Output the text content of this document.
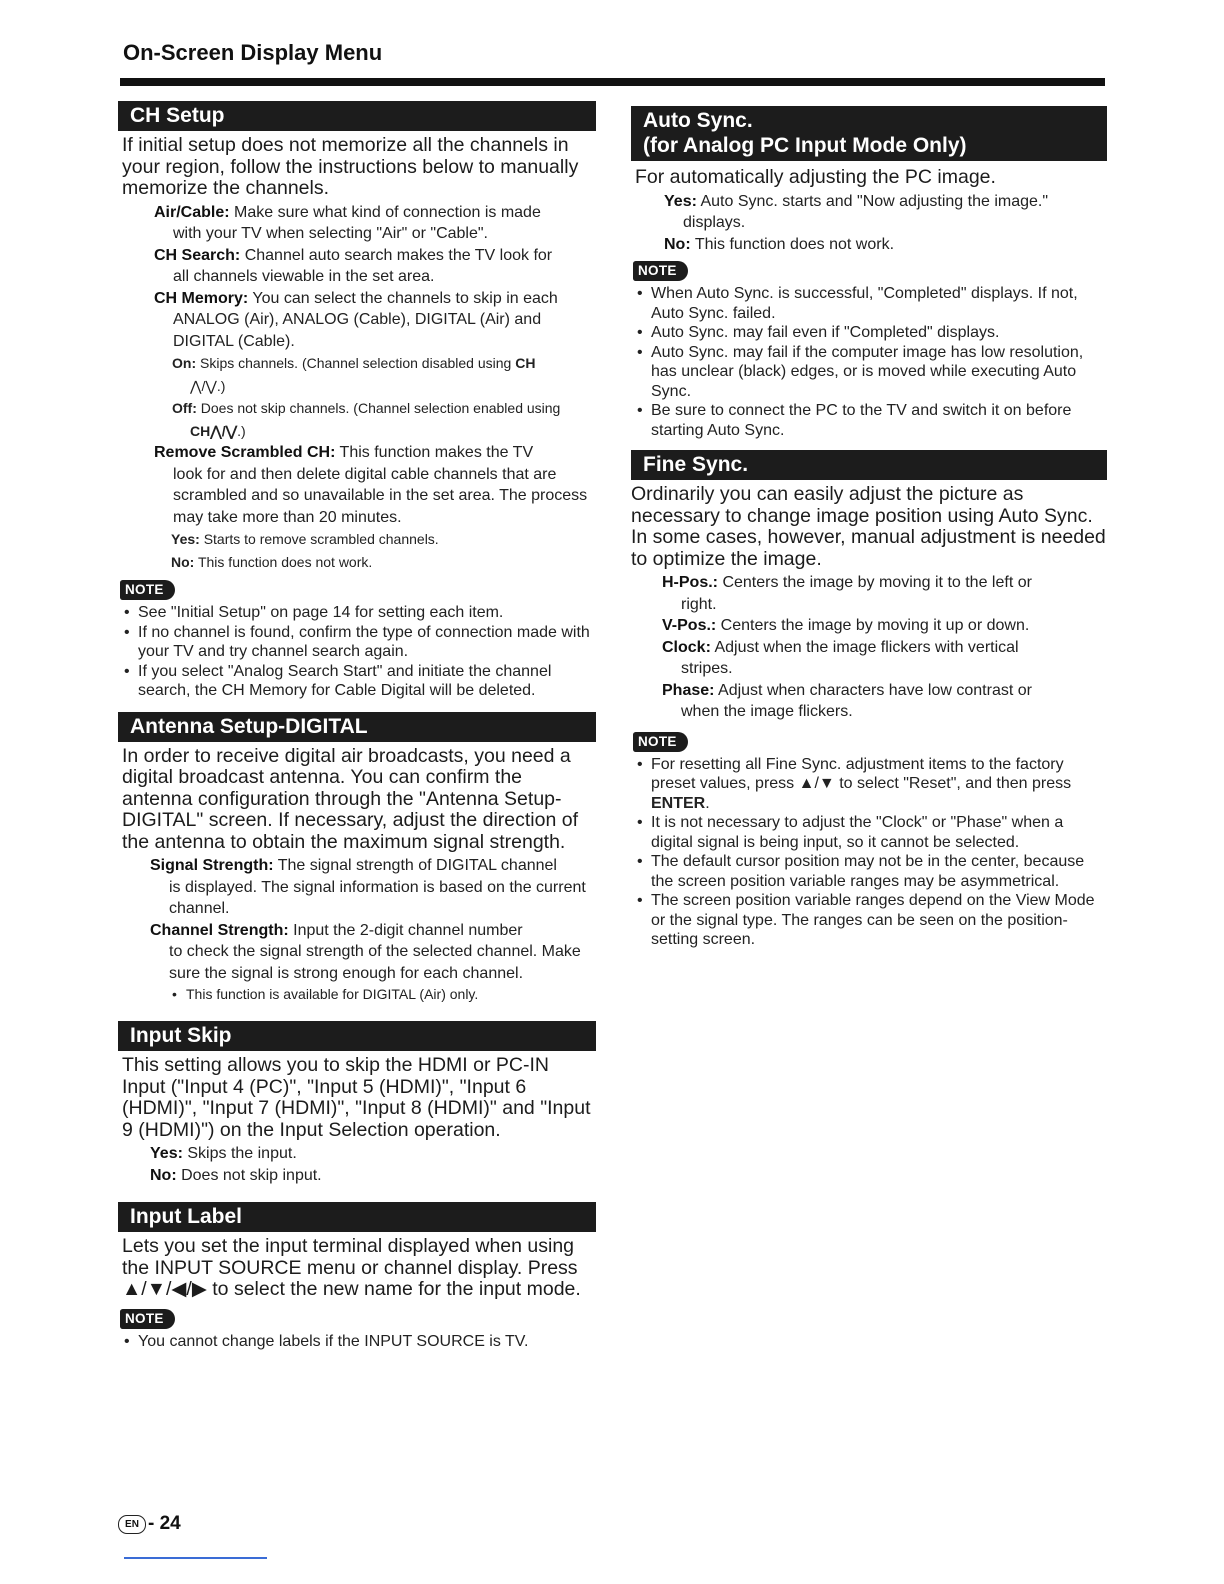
On-Screen Display Menu
CH Setup
If initial setup does not memorize all the channels in your region, follow the instructions below to manually memorize the channels.
Air/Cable: Make sure what kind of connection is made
with your TV when selecting "Air" or "Cable".
CH Search: Channel auto search makes the TV look for
all channels viewable in the set area.
CH Memory: You can select the channels to skip in each
ANALOG (Air), ANALOG (Cable), DIGITAL (Air) and DIGITAL (Cable).
On: Skips channels. (Channel selection disabled using CH
⋀/⋁.)
Off: Does not skip channels. (Channel selection enabled using
CH⋀/⋁.)
Remove Scrambled CH: This function makes the TV
look for and then delete digital cable channels that are scrambled and so unavailable in the set area. The process may take more than 20 minutes.
Yes: Starts to remove scrambled channels.
No: This function does not work.
NOTE
• See "Initial Setup" on page 14 for setting each item.
• If no channel is found, confirm the type of connection made with your TV and try channel search again.
• If you select "Analog Search Start" and initiate the channel search, the CH Memory for Cable Digital will be deleted.
Antenna Setup-DIGITAL
In order to receive digital air broadcasts, you need a digital broadcast antenna. You can confirm the antenna configuration through the "Antenna Setup-DIGITAL" screen. If necessary, adjust the direction of the antenna to obtain the maximum signal strength.
Signal Strength: The signal strength of DIGITAL channel
is displayed. The signal information is based on the current channel.
Channel Strength: Input the 2-digit channel number
to check the signal strength of the selected channel. Make sure the signal is strong enough for each channel.
• This function is available for DIGITAL (Air) only.
Input Skip
This setting allows you to skip the HDMI or PC-IN Input ("Input 4 (PC)", "Input 5 (HDMI)", "Input 6 (HDMI)", "Input 7 (HDMI)", "Input 8 (HDMI)" and "Input 9 (HDMI)") on the Input Selection operation.
Yes: Skips the input.
No: Does not skip input.
Input Label
Lets you set the input terminal displayed when using the INPUT SOURCE menu or channel display. Press ▲/▼/◀/▶ to select the new name for the input mode.
NOTE
• You cannot change labels if the INPUT SOURCE is TV.
Auto Sync.
(for Analog PC Input Mode Only)
For automatically adjusting the PC image.
Yes: Auto Sync. starts and "Now adjusting the image."
displays.
No: This function does not work.
NOTE
• When Auto Sync. is successful, "Completed" displays. If not, Auto Sync. failed.
• Auto Sync. may fail even if "Completed" displays.
• Auto Sync. may fail if the computer image has low resolution, has unclear (black) edges, or is moved while executing Auto Sync.
• Be sure to connect the PC to the TV and switch it on before starting Auto Sync.
Fine Sync.
Ordinarily you can easily adjust the picture as necessary to change image position using Auto Sync. In some cases, however, manual adjustment is needed to optimize the image.
H-Pos.: Centers the image by moving it to the left or
right.
V-Pos.: Centers the image by moving it up or down.
Clock: Adjust when the image flickers with vertical
stripes.
Phase: Adjust when characters have low contrast or
when the image flickers.
NOTE
• For resetting all Fine Sync. adjustment items to the factory preset values, press ▲/▼ to select "Reset", and then press ENTER.
• It is not necessary to adjust the "Clock" or "Phase" when a digital signal is being input, so it cannot be selected.
• The default cursor position may not be in the center, because the screen position variable ranges may be asymmetrical.
• The screen position variable ranges depend on the View Mode or the signal type. The ranges can be seen on the position-setting screen.
EN - 24
